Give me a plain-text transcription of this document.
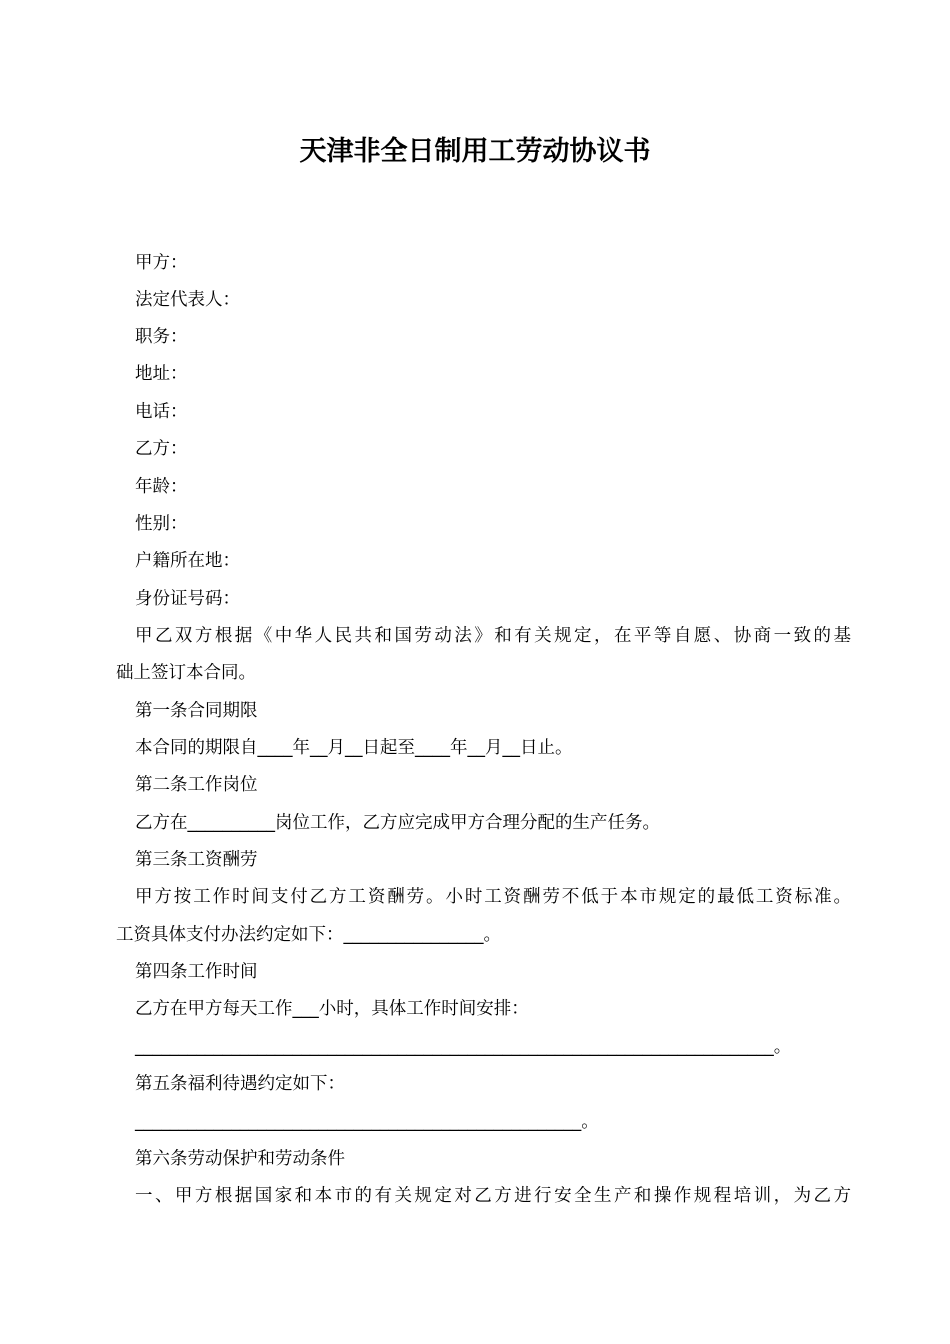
天津非全日制用工劳动协议书
甲方：
法定代表人：
职务：
地址：
电话：
乙方：
年龄：
性别：
户籍所在地：
身份证号码：
甲乙双方根据《中华人民共和国劳动法》和有关规定，在平等自愿、协商一致的基
础上签订本合同。
第一条合同期限
本合同的期限自____年__月__日起至____年__月__日止。
第二条工作岗位
乙方在__________岗位工作，乙方应完成甲方合理分配的生产任务。
第三条工资酬劳
甲方按工作时间支付乙方工资酬劳。小时工资酬劳不低于本市规定的最低工资标准。
工资具体支付办法约定如下：________________。
第四条工作时间
乙方在甲方每天工作___小时，具体工作时间安排：
_________________________________________________________________________。
第五条福利待遇约定如下：
___________________________________________________。
第六条劳动保护和劳动条件
一、甲方根据国家和本市的有关规定对乙方进行安全生产和操作规程培训，为乙方
